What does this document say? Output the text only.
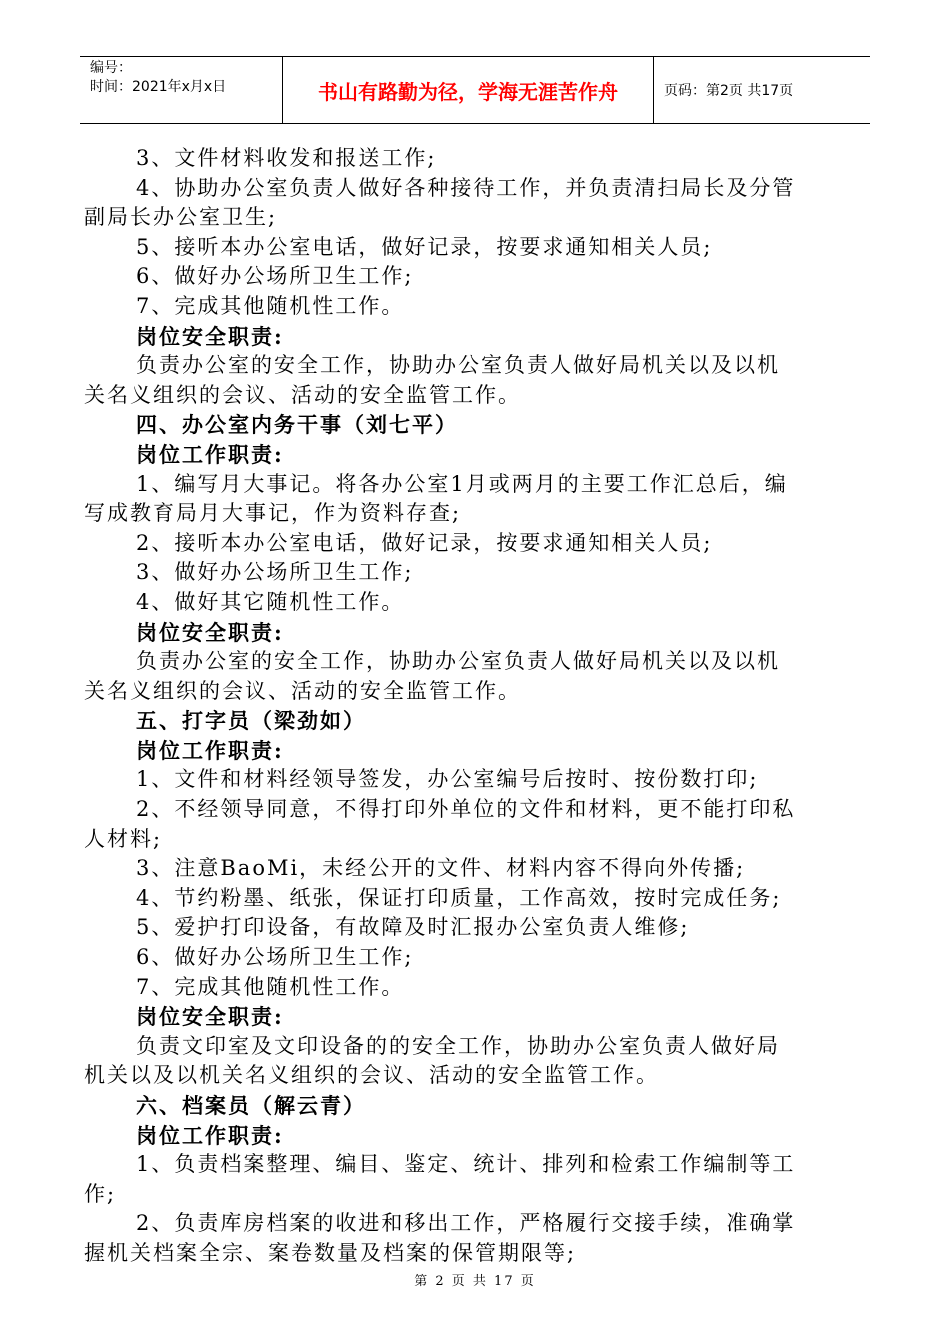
编号：
时间：2021年x月x日	书山有路勤为径，学海无涯苦作舟	页码：第2页 共17页
3、文件材料收发和报送工作;
4、协助办公室负责人做好各种接待工作，并负责清扫局长及分管
副局长办公室卫生;
5、接听本办公室电话，做好记录，按要求通知相关人员;
6、做好办公场所卫生工作;
7、完成其他随机性工作。
岗位安全职责:
负责办公室的安全工作，协助办公室负责人做好局机关以及以机
关名义组织的会议、活动的安全监管工作。
四、办公室内务干事（刘七平）
岗位工作职责:
1、编写月大事记。将各办公室1月或两月的主要工作汇总后，编
写成教育局月大事记，作为资料存查;
2、接听本办公室电话，做好记录，按要求通知相关人员;
3、做好办公场所卫生工作;
4、做好其它随机性工作。
岗位安全职责:
负责办公室的安全工作，协助办公室负责人做好局机关以及以机
关名义组织的会议、活动的安全监管工作。
五、打字员（梁劲如）
岗位工作职责:
1、文件和材料经领导签发，办公室编号后按时、按份数打印;
2、不经领导同意，不得打印外单位的文件和材料，更不能打印私
人材料;
3、注意BaoMi，未经公开的文件、材料内容不得向外传播;
4、节约粉墨、纸张，保证打印质量，工作高效，按时完成任务;
5、爱护打印设备，有故障及时汇报办公室负责人维修;
6、做好办公场所卫生工作;
7、完成其他随机性工作。
岗位安全职责:
负责文印室及文印设备的的安全工作，协助办公室负责人做好局
机关以及以机关名义组织的会议、活动的安全监管工作。
六、档案员（解云青）
岗位工作职责:
1、负责档案整理、编目、鉴定、统计、排列和检索工作编制等工
作;
2、负责库房档案的收进和移出工作，严格履行交接手续，准确掌
握机关档案全宗、案卷数量及档案的保管期限等;
第 2 页 共 17 页
